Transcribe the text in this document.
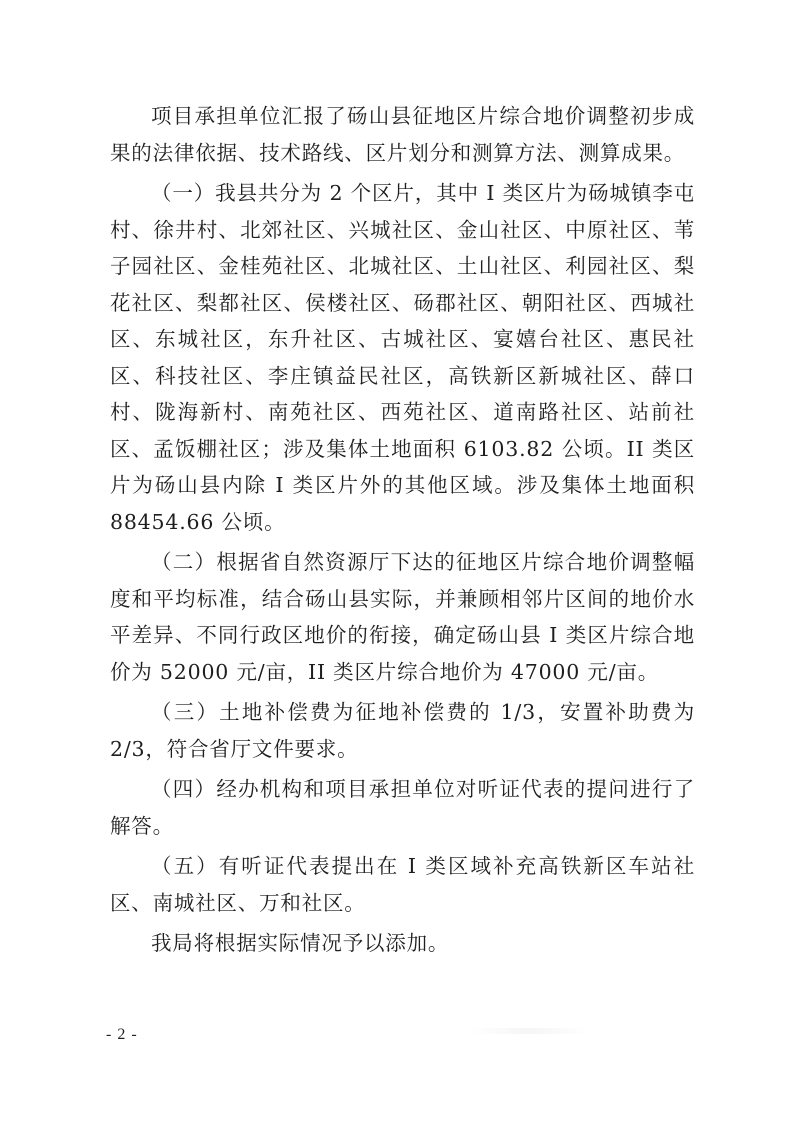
项目承担单位汇报了砀山县征地区片综合地价调整初步成果的法律依据、技术路线、区片划分和测算方法、测算成果。

（一）我县共分为 2 个区片，其中 I 类区片为砀城镇李屯村、徐井村、北郊社区、兴城社区、金山社区、中原社区、苇子园社区、金桂苑社区、北城社区、土山社区、利园社区、梨花社区、梨都社区、侯楼社区、砀郡社区、朝阳社区、西城社区、东城社区，东升社区、古城社区、宴嬉台社区、惠民社区、科技社区、李庄镇益民社区，高铁新区新城社区、薛口村、陇海新村、南苑社区、西苑社区、道南路社区、站前社区、孟饭棚社区；涉及集体土地面积 6103.82 公顷。II 类区片为砀山县内除 I 类区片外的其他区域。涉及集体土地面积 88454.66 公顷。

（二）根据省自然资源厅下达的征地区片综合地价调整幅度和平均标准，结合砀山县实际，并兼顾相邻片区间的地价水平差异、不同行政区地价的衔接，确定砀山县 I 类区片综合地价为 52000 元/亩，II 类区片综合地价为 47000 元/亩。

（三）土地补偿费为征地补偿费的 1/3，安置补助费为 2/3，符合省厅文件要求。

（四）经办机构和项目承担单位对听证代表的提问进行了解答。

（五）有听证代表提出在 I 类区域补充高铁新区车站社区、南城社区、万和社区。

我局将根据实际情况予以添加。

- 2 -
